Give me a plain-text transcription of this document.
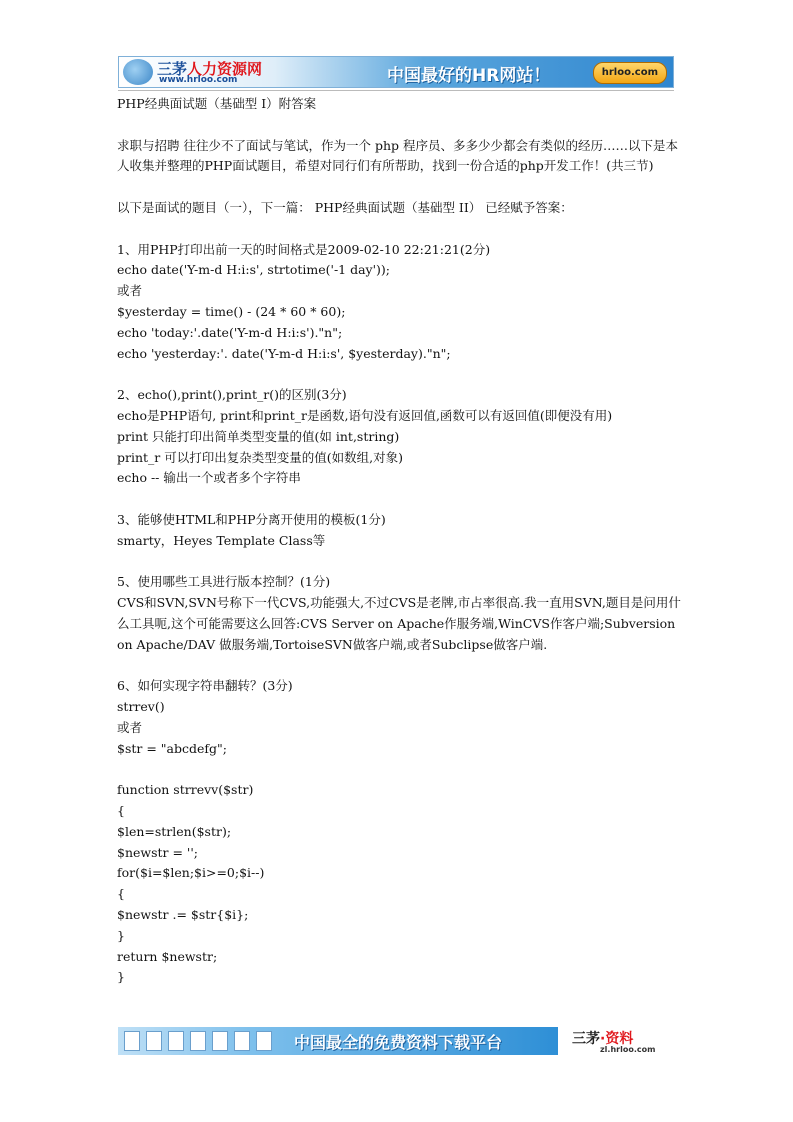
三茅人力资源网
www.hrloo.com	中国最好的HR网站！	hrloo.com
PHP经典面试题（基础型 I）附答案
求职与招聘 往往少不了面试与笔试，作为一个 php 程序员、多多少少都会有类似的经历……以下是本人收集并整理的PHP面试题目，希望对同行们有所帮助，找到一份合适的php开发工作！(共三节)
以下是面试的题目（一），下一篇： PHP经典面试题（基础型 II） 已经赋予答案：
1、用PHP打印出前一天的时间格式是2009-02-10 22:21:21(2分)
echo date('Y-m-d H:i:s', strtotime('-1 day'));
或者
$yesterday = time() - (24 * 60 * 60);
echo 'today:'.date('Y-m-d H:i:s')."n";
echo 'yesterday:'. date('Y-m-d H:i:s', $yesterday)."n";
2、echo(),print(),print_r()的区别(3分)
echo是PHP语句, print和print_r是函数,语句没有返回值,函数可以有返回值(即便没有用)
print 只能打印出简单类型变量的值(如 int,string)
print_r 可以打印出复杂类型变量的值(如数组,对象)
echo -- 输出一个或者多个字符串
3、能够使HTML和PHP分离开使用的模板(1分)
smarty，Heyes Template Class等
5、使用哪些工具进行版本控制？(1分)
CVS和SVN,SVN号称下一代CVS,功能强大,不过CVS是老牌,市占率很高.我一直用SVN,题目是问用什么工具呃,这个可能需要这么回答:CVS Server on Apache作服务端,WinCVS作客户端;Subversion on Apache/DAV 做服务端,TortoiseSVN做客户端,或者Subclipse做客户端.
6、如何实现字符串翻转？(3分)
strrev()
或者
$str = "abcdefg";
function strrevv($str)
{
$len=strlen($str);
$newstr = '';
for($i=$len;$i>=0;$i--)
{
$newstr .= $str{$i};
}
return $newstr;
}
中国最全的免费资料下载平台	三茅·资料
zl.hrloo.com
